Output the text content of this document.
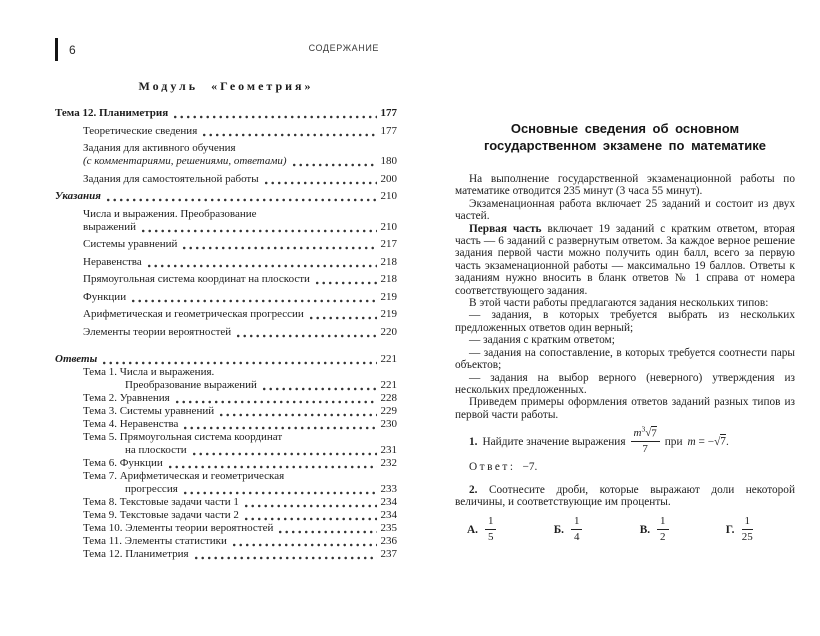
6	СОДЕРЖАНИЕ
Модуль «Геометрия»
Тема 12. Планиметрия	177
Теоретические сведения	177
Задания для активного обучения
(с комментариями, решениями, ответами)	180
Задания для самостоятельной работы	200
Указания	210
Числа и выражения. Преобразование
выражений	210
Системы уравнений	217
Неравенства	218
Прямоугольная система координат на плоскости	218
Функции	219
Арифметическая и геометрическая прогрессии	219
Элементы теории вероятностей	220
Ответы	221
Тема 1. Числа и выражения.
Преобразование выражений	221
Тема 2. Уравнения	228
Тема 3. Системы уравнений	229
Тема 4. Неравенства	230
Тема 5. Прямоугольная система координат
на плоскости	231
Тема 6. Функции	232
Тема 7. Арифметическая и геометрическая
прогрессия	233
Тема 8. Текстовые задачи части 1	234
Тема 9. Текстовые задачи части 2	234
Тема 10. Элементы теории вероятностей	235
Тема 11. Элементы статистики	236
Тема 12. Планиметрия	237
Основные сведения об основном
государственном экзамене по математике

На выполнение государственной экзаменационной работы по математике отводится 235 минут (3 часа 55 минут).

Экзаменационная работа включает 25 заданий и состоит из двух частей.

Первая часть включает 19 заданий с кратким ответом, вторая часть — 6 заданий с развернутым ответом. За каждое верное решение задания первой части можно получить один балл, всего за первую часть экзаменационной работы — максимально 19 баллов. Ответы к заданиям нужно вносить в бланк ответов № 1 справа от номера соответствующего задания.

В этой части работы предлагаются задания нескольких типов:

— задания, в которых требуется выбрать из нескольких предложенных ответов один верный;

— задания с кратким ответом;

— задания на сопоставление, в которых требуется соотнести пары объектов;

— задания на выбор верного (неверного) утверждения из нескольких предложенных.

Приведем примеры оформления ответов заданий разных типов из первой части работы.

1. Найдите значение выражения $\frac{m^3√7}{7}$ при m = −√7.

Ответ: −7.

2. Соотнесите дроби, которые выражают доли некоторой величины, и соответствующие им проценты.

А. $\frac{1}{5}$	Б. $\frac{1}{4}$	В. $\frac{1}{2}$	Г. $\frac{1}{25}$
